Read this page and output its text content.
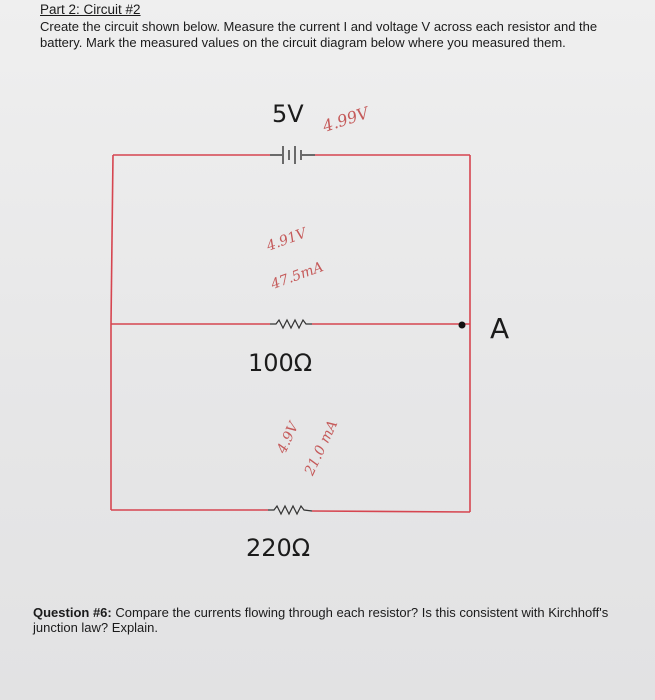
Part 2: Circuit #2
Create the circuit shown below. Measure the current I and voltage V across each resistor and the battery. Mark the measured values on the circuit diagram below where you measured them.
5V
100Ω
220Ω
A
4.99V
4.91V
47.5mA
4.9V 21.0 mA
Question #6: Compare the currents flowing through each resistor? Is this consistent with Kirchhoff's junction law? Explain.
